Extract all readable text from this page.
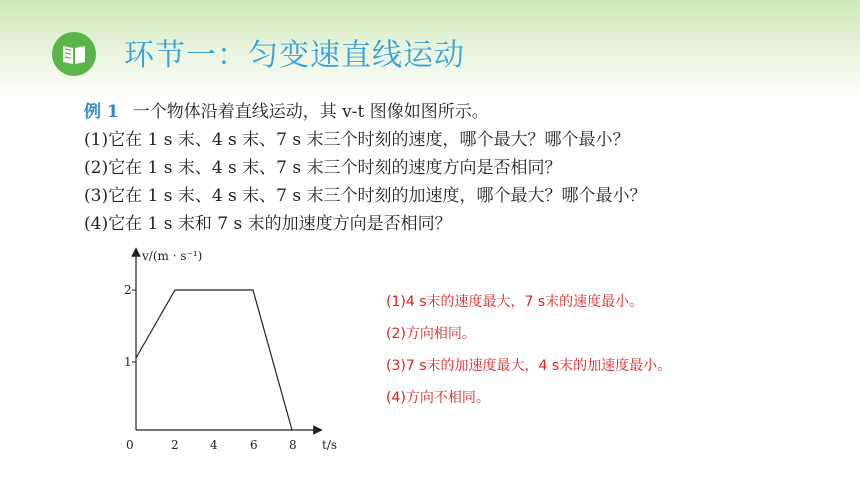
环节一：匀变速直线运动
例 1 一个物体沿着直线运动，其 v-t 图像如图所示。
(1)它在 1 s 末、4 s 末、7 s 末三个时刻的速度，哪个最大？哪个最小？
(2)它在 1 s 末、4 s 末、7 s 末三个时刻的速度方向是否相同？
(3)它在 1 s 末、4 s 末、7 s 末三个时刻的加速度，哪个最大？哪个最小？
(4)它在 1 s 末和 7 s 末的加速度方向是否相同？
v/(m · s⁻¹)
t/s
0	2	4	6	8
1
2
(1)4 s末的速度最大，7 s末的速度最小。
(2)方向相同。
(3)7 s末的加速度最大，4 s末的加速度最小。
(4)方向不相同。
